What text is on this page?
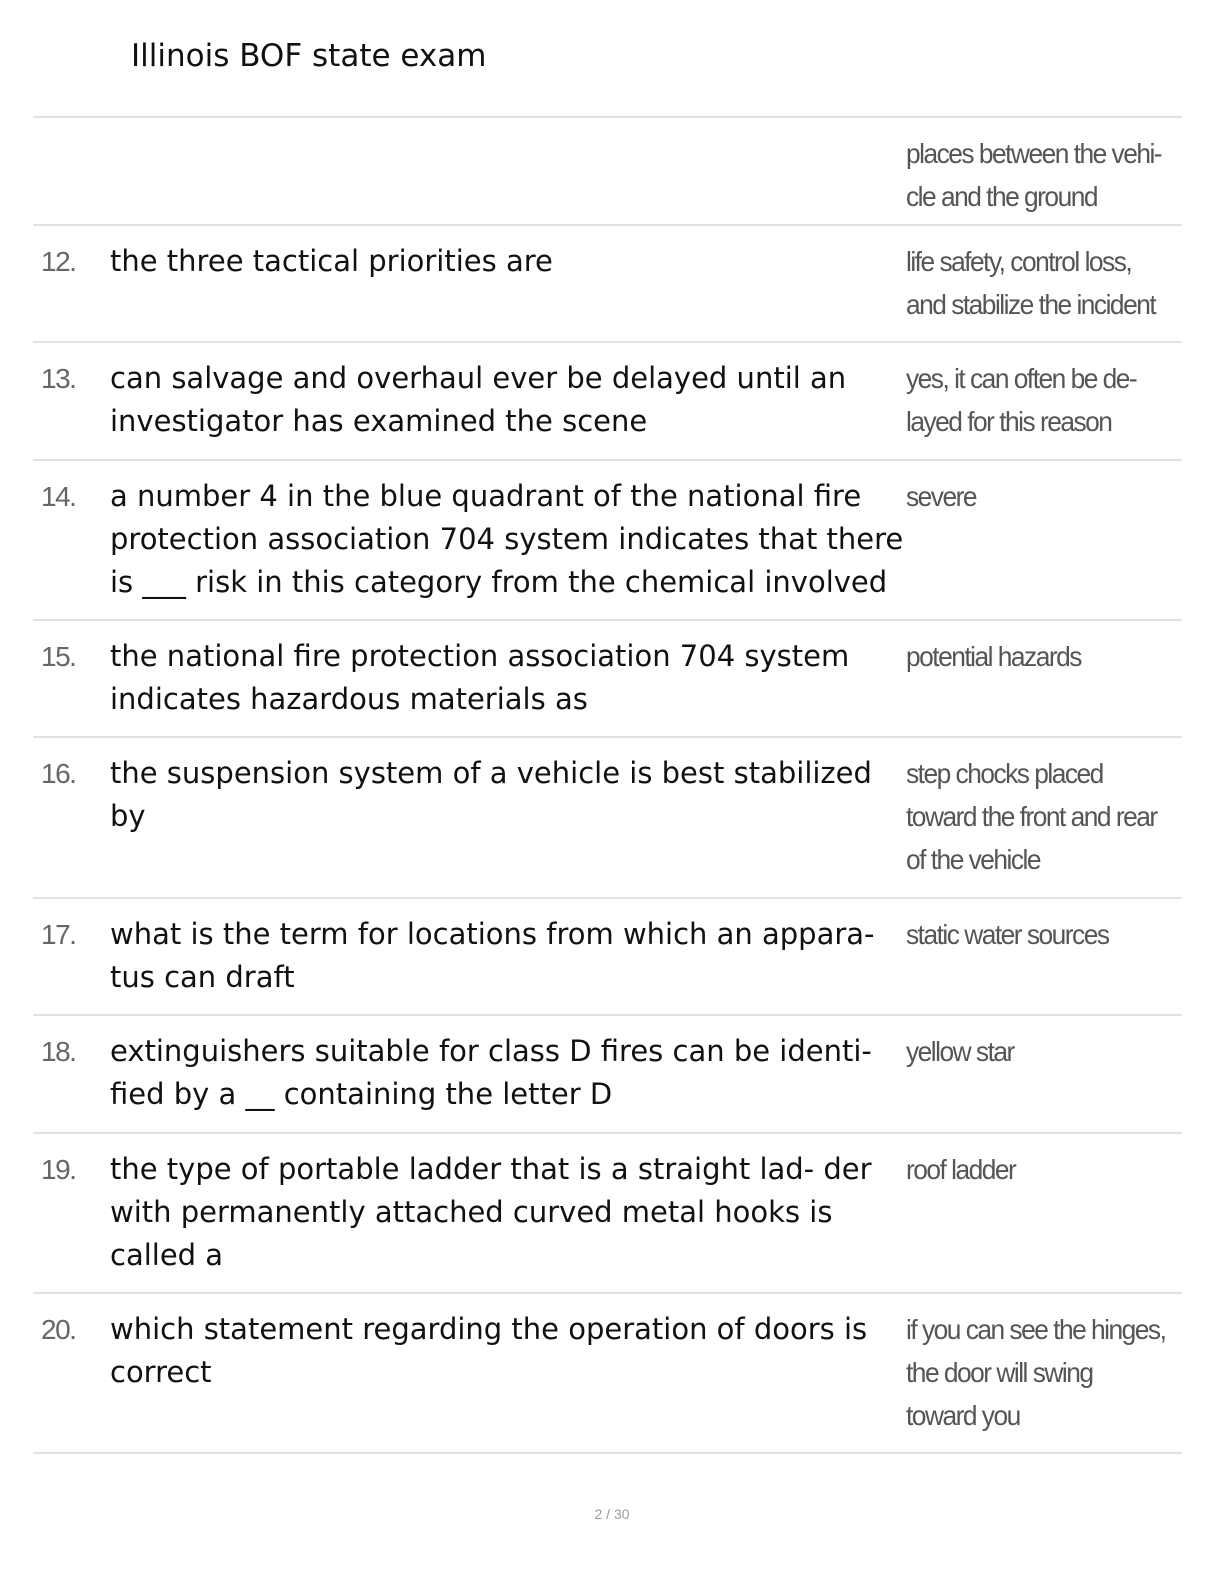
Illinois BOF state exam
places between the vehi- cle and the ground
12. the three tactical priorities are	life safety, control loss, and stabilize the incident
13. can salvage and overhaul ever be delayed until an investigator has examined the scene
yes, it can often be de- layed for this reason
14. a number 4 in the blue quadrant of the national fire protection association 704 system indicates that there is ___ risk in this category from the chemical involved
severe
15. the national fire protection association 704 system indicates hazardous materials as
potential hazards
16. the suspension system of a vehicle is best stabilized by
step chocks placed toward the front and rear of the vehicle
17. what is the term for locations from which an appara- tus can draft
static water sources
18. extinguishers suitable for class D fires can be identi- fied by a __ containing the letter D
yellow star
19. the type of portable ladder that is a straight lad- der with permanently attached curved metal hooks is called a
roof ladder
20. which statement regarding the operation of doors is correct
if you can see the hinges, the door will swing toward you
2 / 30
